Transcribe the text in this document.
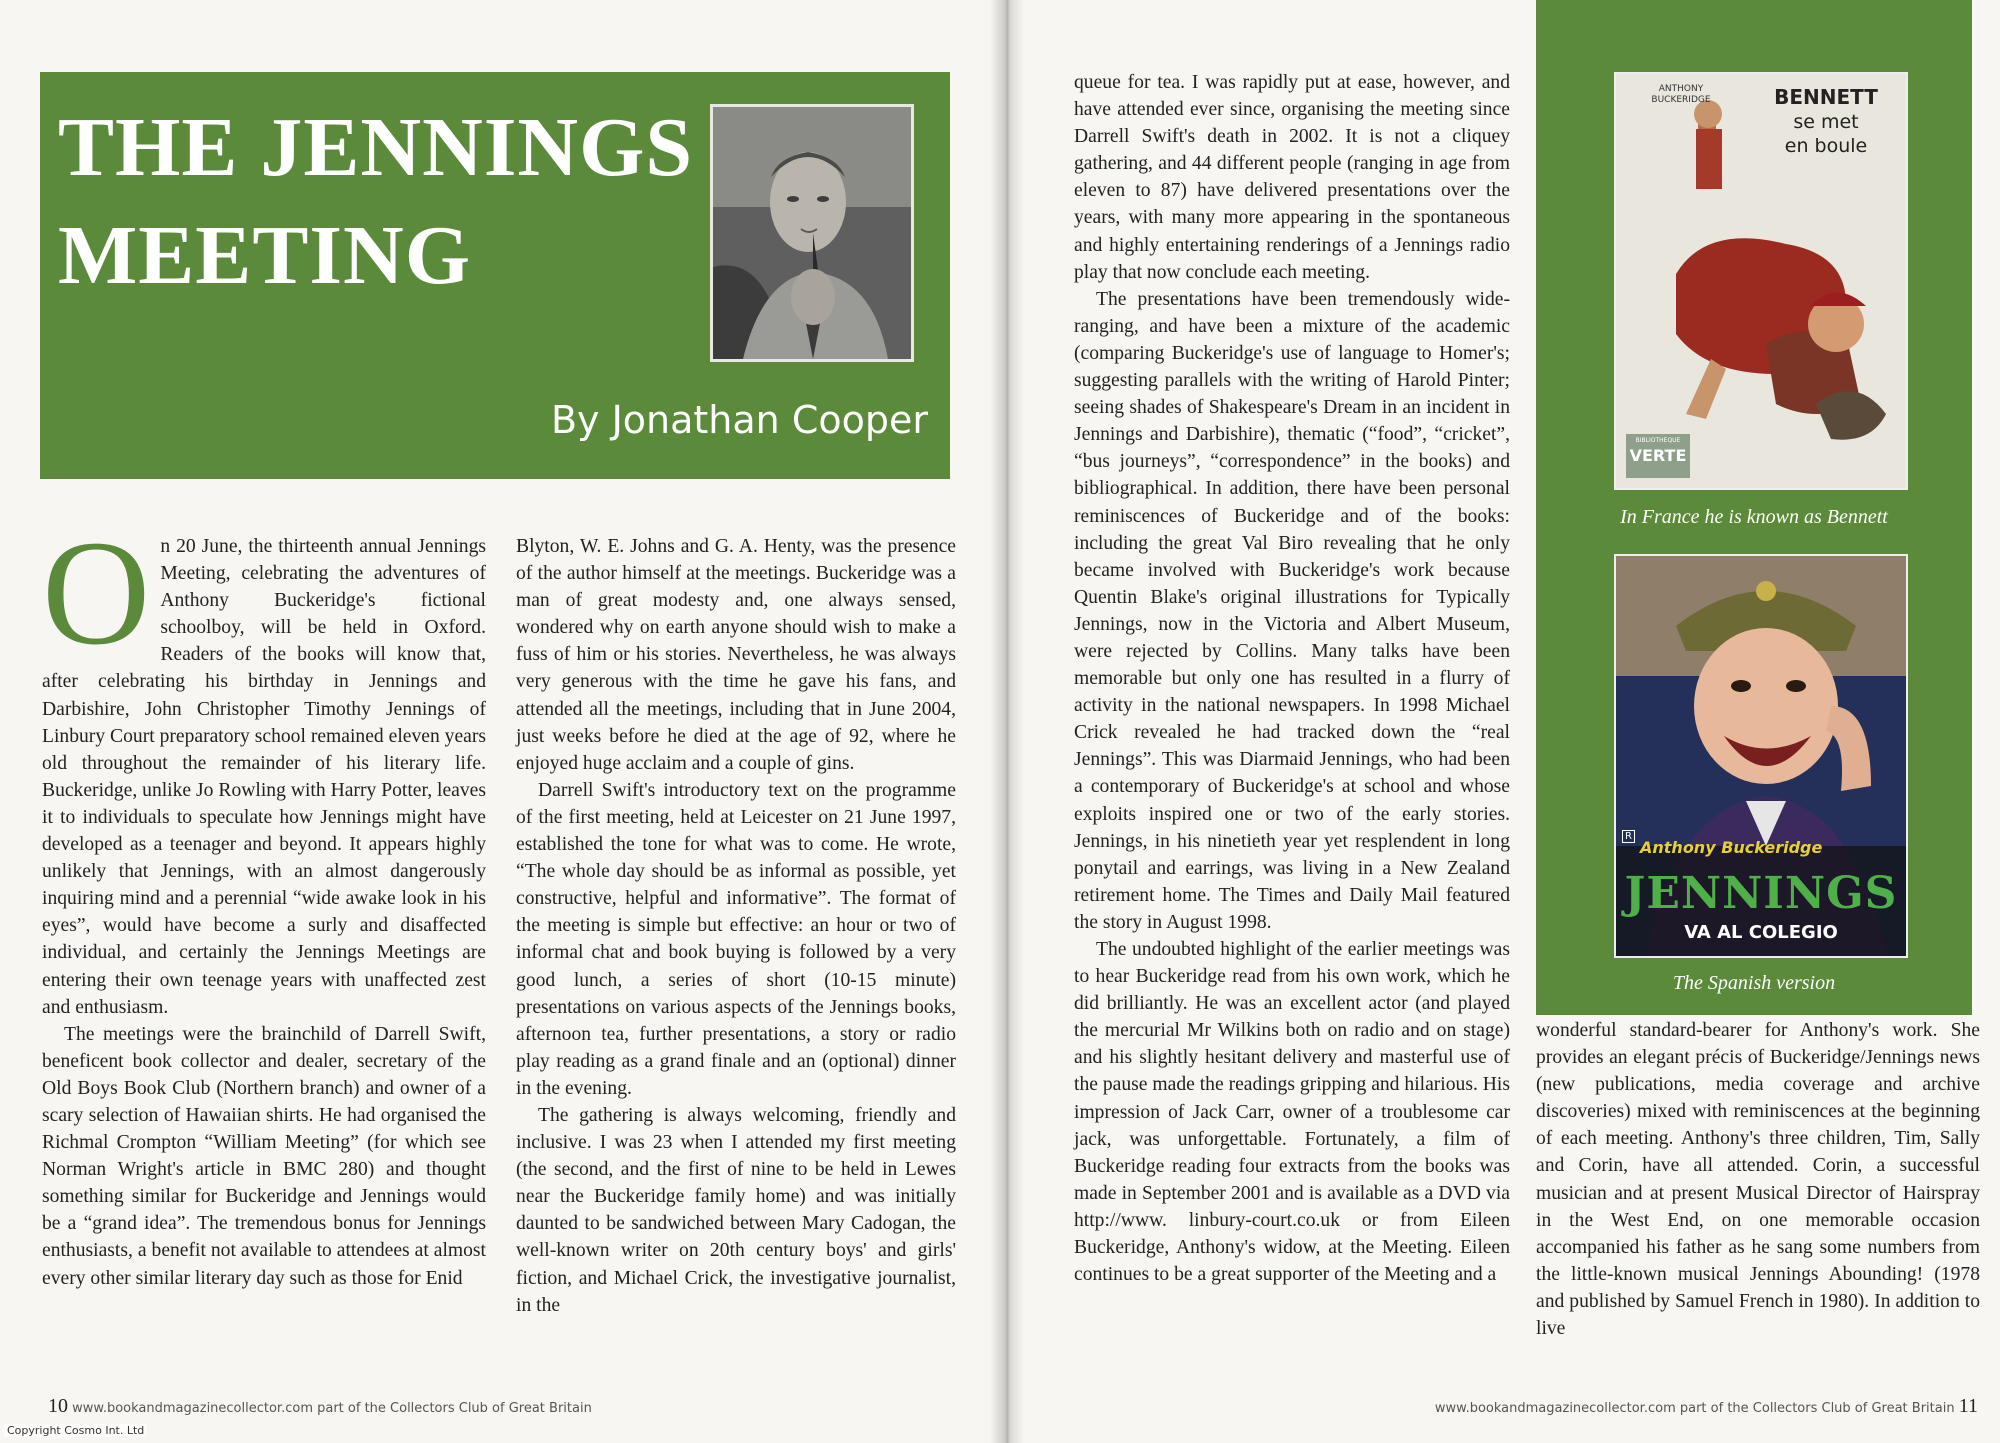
THE JENNINGS
MEETING
By Jonathan Cooper
O n 20 June, the thirteenth annual Jennings Meeting, celebrating the adventures of Anthony Buckeridge's fictional schoolboy, will be held in Oxford. Readers of the books will know that, after celebrating his birthday in Jennings and Darbishire, John Christopher Timothy Jennings of Linbury Court preparatory school remained eleven years old throughout the remainder of his literary life. Buckeridge, unlike Jo Rowling with Harry Potter, leaves it to individuals to speculate how Jennings might have developed as a teenager and beyond. It appears highly unlikely that Jennings, with an almost dangerously inquiring mind and a perennial “wide awake look in his eyes”, would have become a surly and disaffected individual, and certainly the Jennings Meetings are entering their own teenage years with unaffected zest and enthusiasm.

The meetings were the brainchild of Darrell Swift, beneficent book collector and dealer, secretary of the Old Boys Book Club (Northern branch) and owner of a scary selection of Hawaiian shirts. He had organised the Richmal Crompton “William Meeting” (for which see Norman Wright's article in BMC 280) and thought something similar for Buckeridge and Jennings would be a “grand idea”. The tremendous bonus for Jennings enthusiasts, a benefit not available to attendees at almost every other similar literary day such as those for Enid

Blyton, W. E. Johns and G. A. Henty, was the presence of the author himself at the meetings. Buckeridge was a man of great modesty and, one always sensed, wondered why on earth anyone should wish to make a fuss of him or his stories. Nevertheless, he was always very generous with the time he gave his fans, and attended all the meetings, including that in June 2004, just weeks before he died at the age of 92, where he enjoyed huge acclaim and a couple of gins.

Darrell Swift's introductory text on the programme of the first meeting, held at Leicester on 21 June 1997, established the tone for what was to come. He wrote, “The whole day should be as informal as possible, yet constructive, helpful and informative”. The format of the meeting is simple but effective: an hour or two of informal chat and book buying is followed by a very good lunch, a series of short (10-15 minute) presentations on various aspects of the Jennings books, afternoon tea, further presentations, a story or radio play reading as a grand finale and an (optional) dinner in the evening.

The gathering is always welcoming, friendly and inclusive. I was 23 when I attended my first meeting (the second, and the first of nine to be held in Lewes near the Buckeridge family home) and was initially daunted to be sandwiched between Mary Cadogan, the well-known writer on 20th century boys' and girls' fiction, and Michael Crick, the investigative journalist, in the

10 www.bookandmagazinecollector.com part of the Collectors Club of Great Britain
Copyright Cosmo Int. Ltd

queue for tea. I was rapidly put at ease, however, and have attended ever since, organising the meeting since Darrell Swift's death in 2002. It is not a cliquey gathering, and 44 different people (ranging in age from eleven to 87) have delivered presentations over the years, with many more appearing in the spontaneous and highly entertaining renderings of a Jennings radio play that now conclude each meeting.

The presentations have been tremendously wide-ranging, and have been a mixture of the academic (comparing Buckeridge's use of language to Homer's; suggesting parallels with the writing of Harold Pinter; seeing shades of Shakespeare's Dream in an incident in Jennings and Darbishire), thematic (“food”, “cricket”, “bus journeys”, “correspondence” in the books) and bibliographical. In addition, there have been personal reminiscences of Buckeridge and of the books: including the great Val Biro revealing that he only became involved with Buckeridge's work because Quentin Blake's original illustrations for Typically Jennings, now in the Victoria and Albert Museum, were rejected by Collins. Many talks have been memorable but only one has resulted in a flurry of activity in the national newspapers. In 1998 Michael Crick revealed he had tracked down the “real Jennings”. This was Diarmaid Jennings, who had been a contemporary of Buckeridge's at school and whose exploits inspired one or two of the early stories. Jennings, in his ninetieth year yet resplendent in long ponytail and earrings, was living in a New Zealand retirement home. The Times and Daily Mail featured the story in August 1998.

The undoubted highlight of the earlier meetings was to hear Buckeridge read from his own work, which he did brilliantly. He was an excellent actor (and played the mercurial Mr Wilkins both on radio and on stage) and his slightly hesitant delivery and masterful use of the pause made the readings gripping and hilarious. His impression of Jack Carr, owner of a troublesome car jack, was unforgettable. Fortunately, a film of Buckeridge reading four extracts from the books was made in September 2001 and is available as a DVD via http://www. linbury-court.co.uk or from Eileen Buckeridge, Anthony's widow, at the Meeting. Eileen continues to be a great supporter of the Meeting and a

ANTHONY
BUCKERIDGE	BENNETT
se met
en boule
BIBLIOTHEQUE
VERTE
In France he is known as Bennett
Anthony Buckeridge
JENNINGS
VA AL COLEGIO
R
The Spanish version

wonderful standard-bearer for Anthony's work. She provides an elegant précis of Buckeridge/Jennings news (new publications, media coverage and archive discoveries) mixed with reminiscences at the beginning of each meeting. Anthony's three children, Tim, Sally and Corin, have all attended. Corin, a successful musician and at present Musical Director of Hairspray in the West End, on one memorable occasion accompanied his father as he sang some numbers from the little-known musical Jennings Abounding! (1978 and published by Samuel French in 1980). In addition to live

www.bookandmagazinecollector.com part of the Collectors Club of Great Britain 11
